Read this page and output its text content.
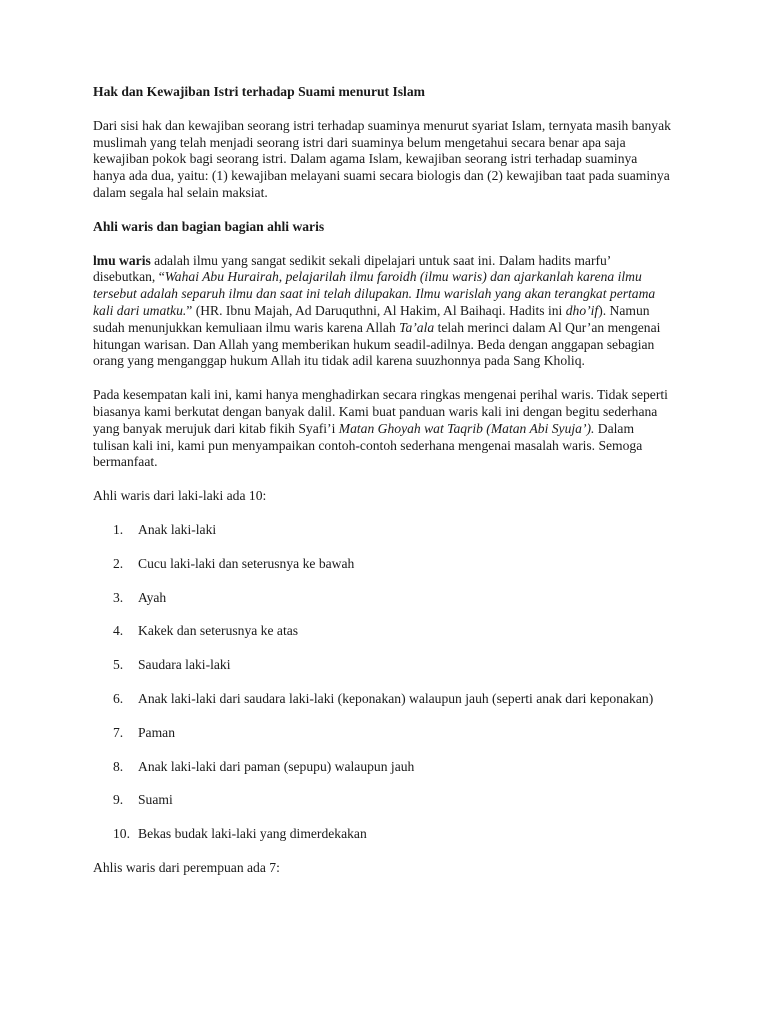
Hak dan Kewajiban Istri terhadap Suami menurut Islam

Dari sisi hak dan kewajiban seorang istri terhadap suaminya menurut syariat Islam, ternyata masih banyak muslimah yang telah menjadi seorang istri dari suaminya belum mengetahui secara benar apa saja kewajiban pokok bagi seorang istri. Dalam agama Islam, kewajiban seorang istri terhadap suaminya hanya ada dua, yaitu: (1) kewajiban melayani suami secara biologis dan (2) kewajiban taat pada suaminya dalam segala hal selain maksiat.

Ahli waris dan bagian bagian ahli waris

lmu waris adalah ilmu yang sangat sedikit sekali dipelajari untuk saat ini. Dalam hadits marfu’ disebutkan, “Wahai Abu Hurairah, pelajarilah ilmu faroidh (ilmu waris) dan ajarkanlah karena ilmu tersebut adalah separuh ilmu dan saat ini telah dilupakan. Ilmu warislah yang akan terangkat pertama kali dari umatku.” (HR. Ibnu Majah, Ad Daruquthni, Al Hakim, Al Baihaqi. Hadits ini dho’if). Namun sudah menunjukkan kemuliaan ilmu waris karena Allah Ta’ala telah merinci dalam Al Qur’an mengenai hitungan warisan. Dan Allah yang memberikan hukum seadil-adilnya. Beda dengan anggapan sebagian orang yang menganggap hukum Allah itu tidak adil karena suuzhonnya pada Sang Kholiq.

Pada kesempatan kali ini, kami hanya menghadirkan secara ringkas mengenai perihal waris. Tidak seperti biasanya kami berkutat dengan banyak dalil. Kami buat panduan waris kali ini dengan begitu sederhana yang banyak merujuk dari kitab fikih Syafi’i Matan Ghoyah wat Taqrib (Matan Abi Syuja’). Dalam tulisan kali ini, kami pun menyampaikan contoh-contoh sederhana mengenai masalah waris. Semoga bermanfaat.

Ahli waris dari laki-laki ada 10:

1.	Anak laki-laki
2.	Cucu laki-laki dan seterusnya ke bawah
3.	Ayah
4.	Kakek dan seterusnya ke atas
5.	Saudara laki-laki
6.	Anak laki-laki dari saudara laki-laki (keponakan) walaupun jauh (seperti anak dari keponakan)
7.	Paman
8.	Anak laki-laki dari paman (sepupu) walaupun jauh
9.	Suami
10. Bekas budak laki-laki yang dimerdekakan

Ahlis waris dari perempuan ada 7:
